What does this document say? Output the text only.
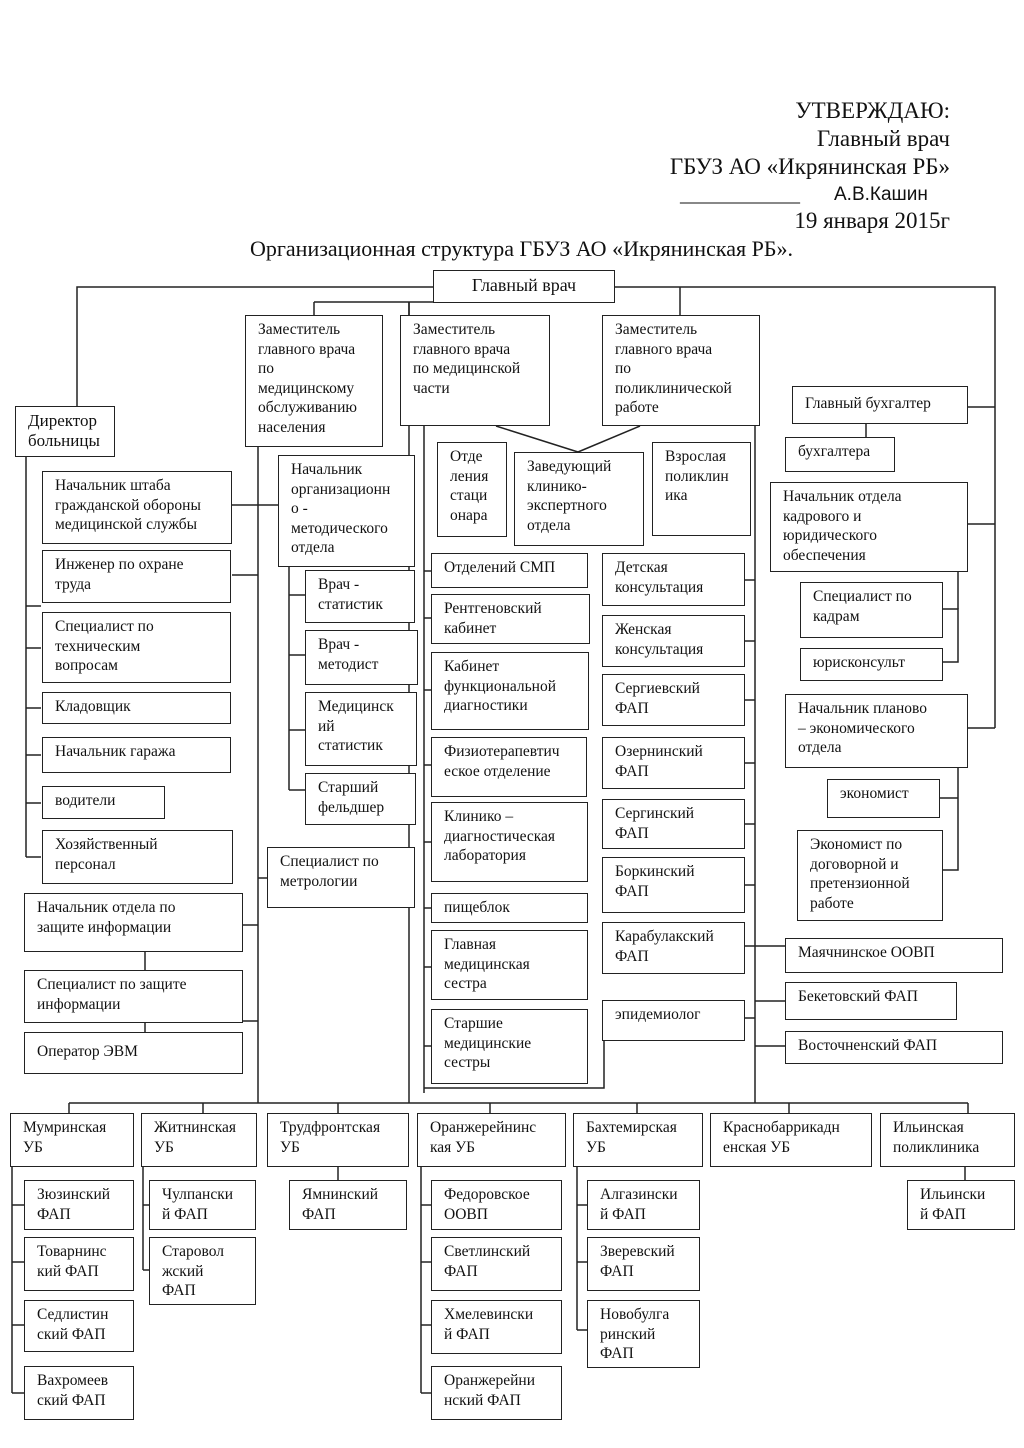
УТВЕРЖДАЮ:
Главный врач
ГБУЗ АО «Икрянинская РБ»
____________ А.В.Кашин
19 января 2015г
Организационная структура ГБУЗ АО «Икрянинская РБ».
Главный врач
Заместитель
главного врача
по
медицинскому
обслуживанию
населения
Заместитель
главного врача
по медицинской
части
Заместитель
главного врача
по
поликлинической
работе
Директор
больницы
Начальник штаба
гражданской обороны
медицинской службы
Инженер по охране
труда
Специалист по
техническим
вопросам
Кладовщик
Начальник гаража
водители
Хозяйственный
персонал
Начальник отдела по
защите информации
Специалист по защите
информации
Оператор ЭВМ
Начальник
организационн
о -
методического
отдела
Врач -
статистик
Врач -
методист
Медицинск
ий
статистик
Старший
фельдшер
Специалист по
метрологии
Отде
ления
стаци
онара
Заведующий
клинико-
экспертного
отдела
Взрослая
поликлин
ика
Отделений СМП
Рентгеновский
кабинет
Кабинет
функциональной
диагностики
Физиотерапевтич
еское отделение
Клинико –
диагностическая
лаборатория
пищеблок
Главная
медицинская
сестра
Старшие
медицинские
сестры
Детская
консультация
Женская
консультация
Сергиевский
ФАП
Озернинский
ФАП
Сергинский
ФАП
Боркинский
ФАП
Карабулакский
ФАП
эпидемиолог
Маячнинское ООВП
Бекетовский ФАП
Восточненский ФАП
Главный бухгалтер
бухгалтера
Начальник отдела
кадрового и
юридического
обеспечения
Специалист по
кадрам
юрисконсульт
Начальник планово
– экономического
отдела
экономист
Экономист по
договорной и
претензионной
работе
Мумринская
УБ
Житнинская
УБ
Трудфронтская
УБ
Оранжерейнинс
кая УБ
Бахтемирская
УБ
Краснобаррикадн
енская УБ
Ильинская
поликлиника
Зюзинский
ФАП
Товарнинс
кий ФАП
Седлистин
ский ФАП
Вахромеев
ский ФАП
Чулпански
й ФАП
Старовол
жский
ФАП
Ямнинский
ФАП
Федоровское
ООВП
Светлинский
ФАП
Хмелевински
й ФАП
Оранжерейни
нский ФАП
Алгазински
й ФАП
Зверевский
ФАП
Новобулга
ринский
ФАП
Ильински
й ФАП
